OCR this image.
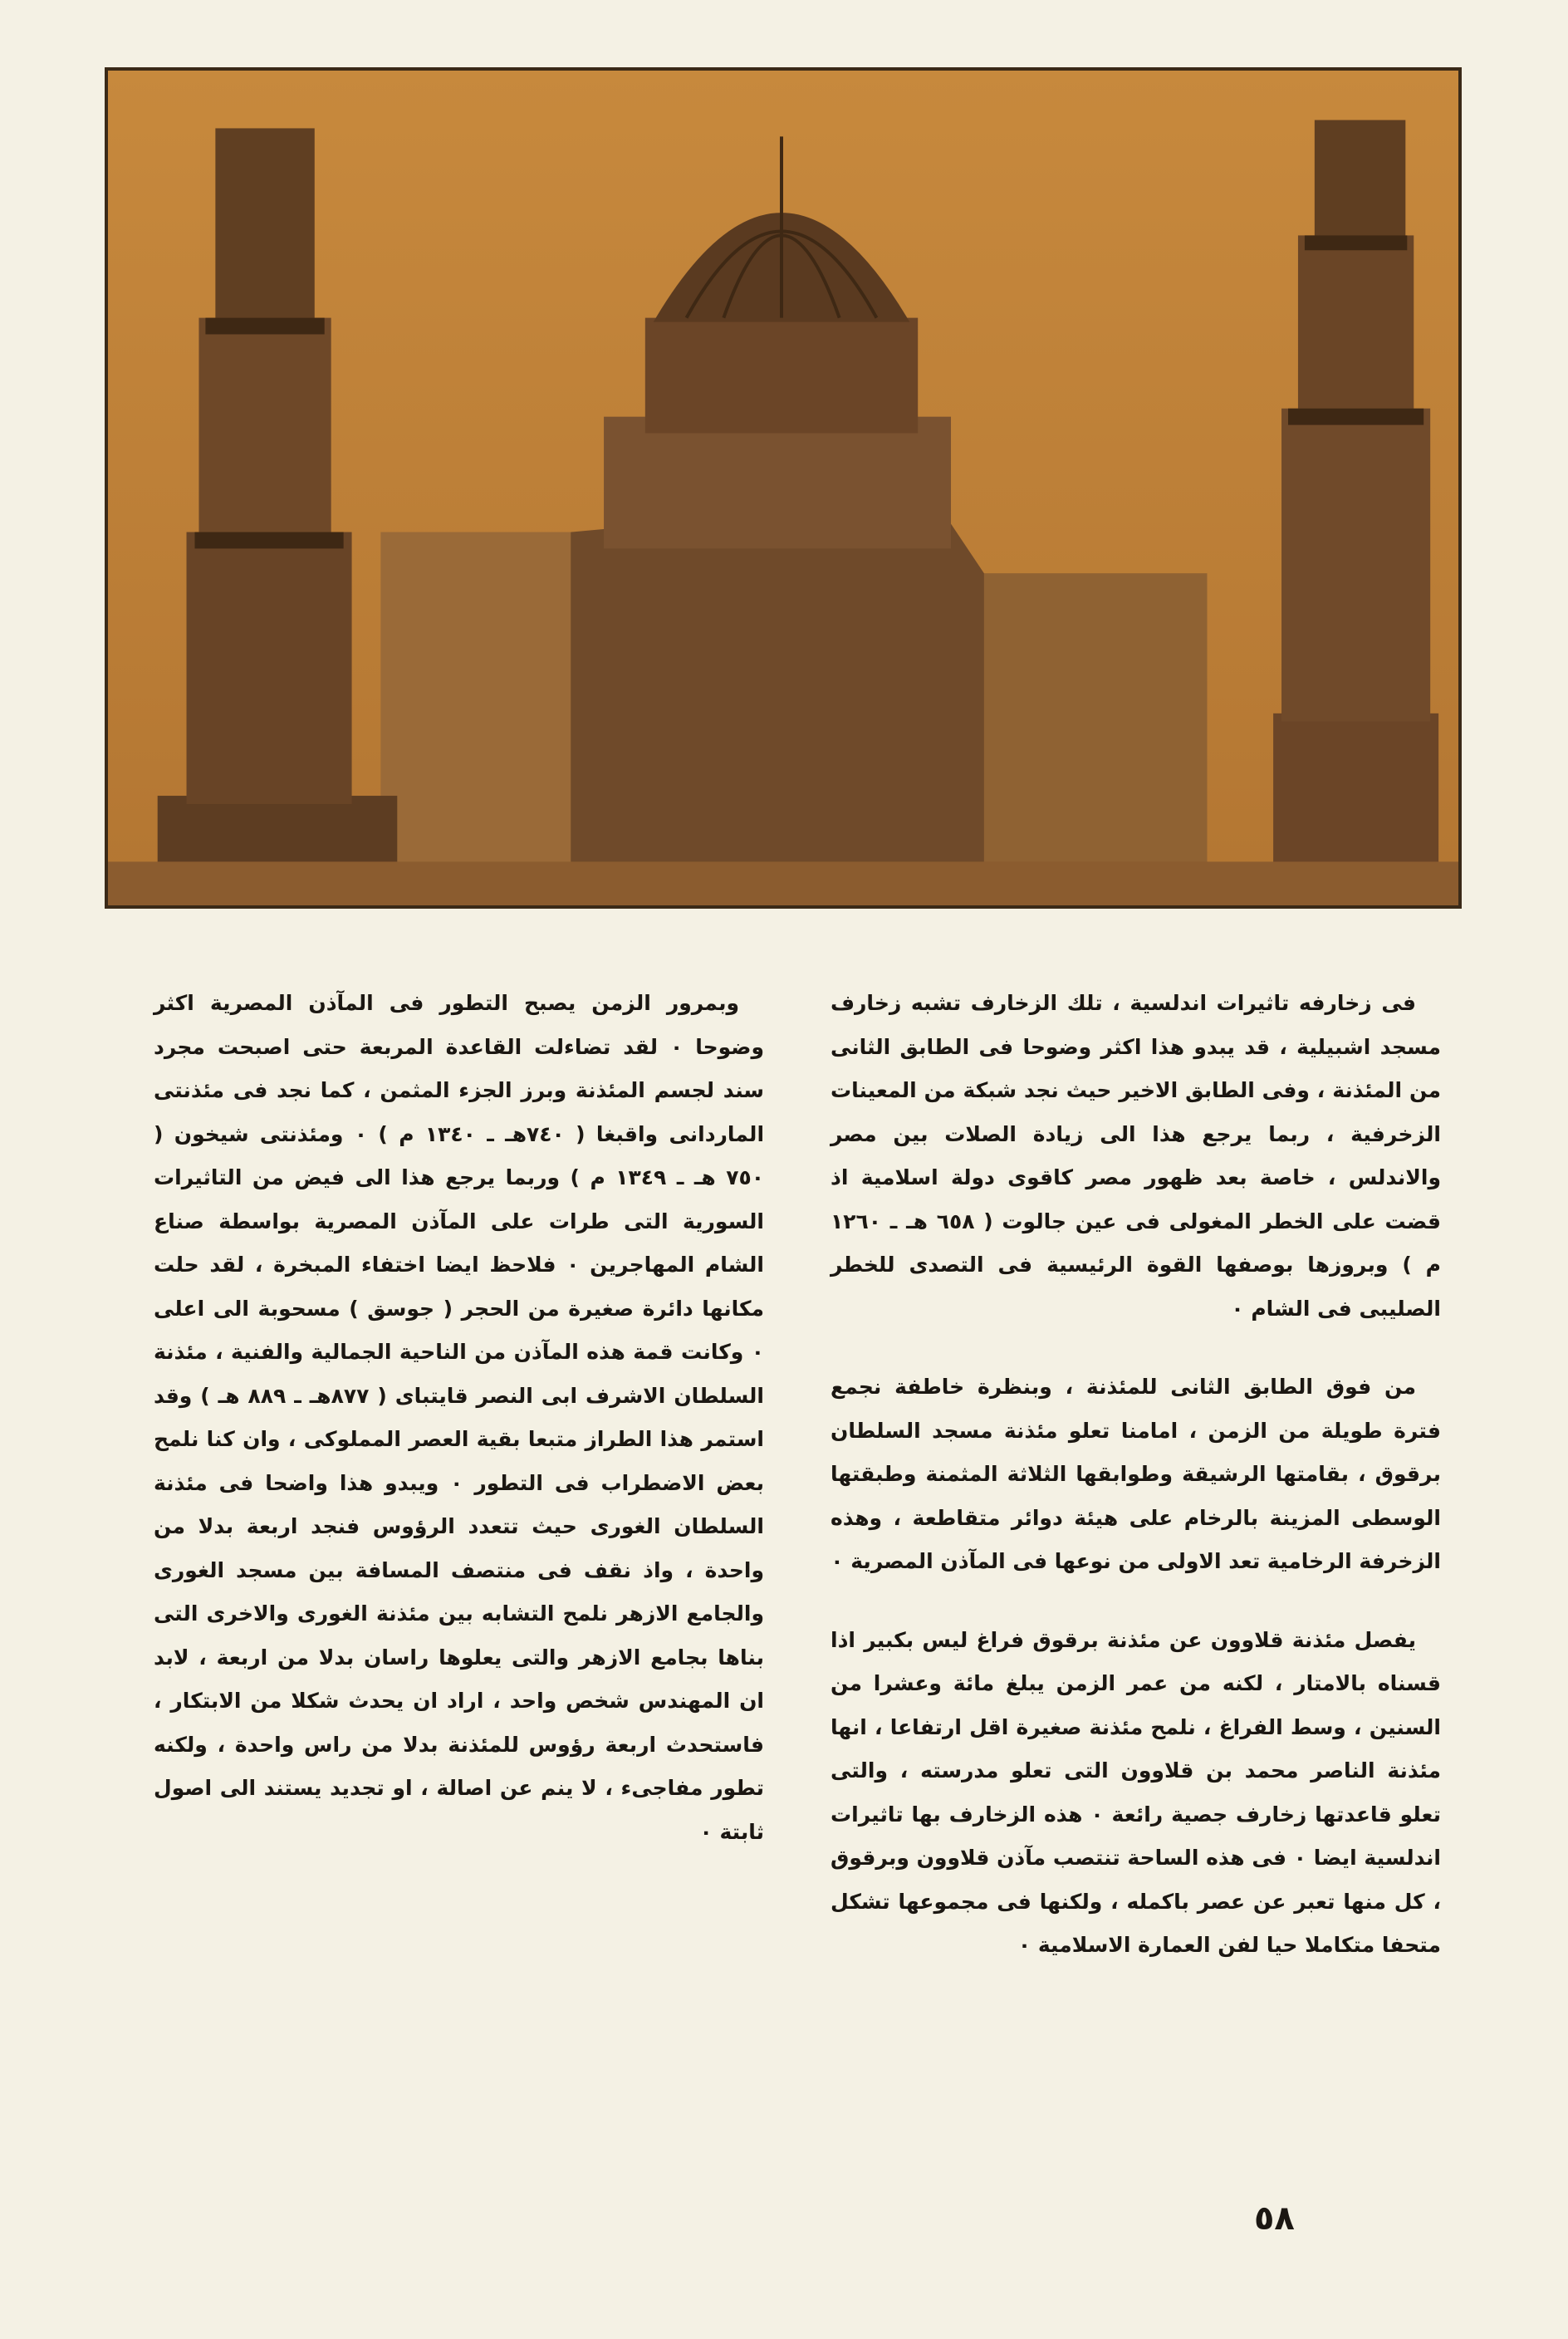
فى زخارفه تاثيرات اندلسية ، تلك الزخارف تشبه زخارف مسجد اشبيلية ، قد يبدو هذا اكثر وضوحا فى الطابق الثانى من المئذنة ، وفى الطابق الاخير حيث نجد شبكة من المعينات الزخرفية ، ربما يرجع هذا الى زيادة الصلات بين مصر والاندلس ، خاصة بعد ظهور مصر كاقوى دولة اسلامية اذ قضت على الخطر المغولى فى عين جالوت ( ٦٥٨ هـ ـ ١٢٦٠ م ) وبروزها بوصفها القوة الرئيسية فى التصدى للخطر الصليبى فى الشام ٠

من فوق الطابق الثانى للمئذنة ، وبنظرة خاطفة نجمع فترة طويلة من الزمن ، امامنا تعلو مئذنة مسجد السلطان برقوق ، بقامتها الرشيقة وطوابقها الثلاثة المثمنة وطبقتها الوسطى المزينة بالرخام على هيئة دوائر متقاطعة ، وهذه الزخرفة الرخامية تعد الاولى من نوعها فى المآذن المصرية ٠

يفصل مئذنة قلاوون عن مئذنة برقوق فراغ ليس بكبير اذا قسناه بالامتار ، لكنه من عمر الزمن يبلغ مائة وعشرا من السنين ، وسط الفراغ ، نلمح مئذنة صغيرة اقل ارتفاعا ، انها مئذنة الناصر محمد بن قلاوون التى تعلو مدرسته ، والتى تعلو قاعدتها زخارف جصية رائعة ٠ هذه الزخارف بها تاثيرات اندلسية ايضا ٠ فى هذه الساحة تنتصب مآذن قلاوون وبرقوق ، كل منها تعبر عن عصر باكمله ، ولكنها فى مجموعها تشكل متحفا متكاملا حيا لفن العمارة الاسلامية ٠

وبمرور الزمن يصبح التطور فى المآذن المصرية اكثر وضوحا ٠ لقد تضاءلت القاعدة المربعة حتى اصبحت مجرد سند لجسم المئذنة وبرز الجزء المثمن ، كما نجد فى مئذنتى الماردانى واقبغا ( ٧٤٠هـ ـ ١٣٤٠ م ) ٠ ومئذنتى شيخون ( ٧٥٠ هـ ـ ١٣٤٩ م ) وربما يرجع هذا الى فيض من التاثيرات السورية التى طرات على المآذن المصرية بواسطة صناع الشام المهاجرين ٠ فلاحظ ايضا اختفاء المبخرة ، لقد حلت مكانها دائرة صغيرة من الحجر ( جوسق ) مسحوبة الى اعلى ٠ وكانت قمة هذه المآذن من الناحية الجمالية والفنية ، مئذنة السلطان الاشرف ابى النصر قايتباى ( ٨٧٧هـ ـ ٨٨٩ هـ ) وقد استمر هذا الطراز متبعا بقية العصر المملوكى ، وان كنا نلمح بعض الاضطراب فى التطور ٠ ويبدو هذا واضحا فى مئذنة السلطان الغورى حيث تتعدد الرؤوس فنجد اربعة بدلا من واحدة ، واذ نقف فى منتصف المسافة بين مسجد الغورى والجامع الازهر نلمح التشابه بين مئذنة الغورى والاخرى التى بناها بجامع الازهر والتى يعلوها راسان بدلا من اربعة ، لابد ان المهندس شخص واحد ، اراد ان يحدث شكلا من الابتكار ، فاستحدث اربعة رؤوس للمئذنة بدلا من راس واحدة ، ولكنه تطور مفاجىء ، لا ينم عن اصالة ، او تجديد يستند الى اصول ثابتة ٠

٥٨
